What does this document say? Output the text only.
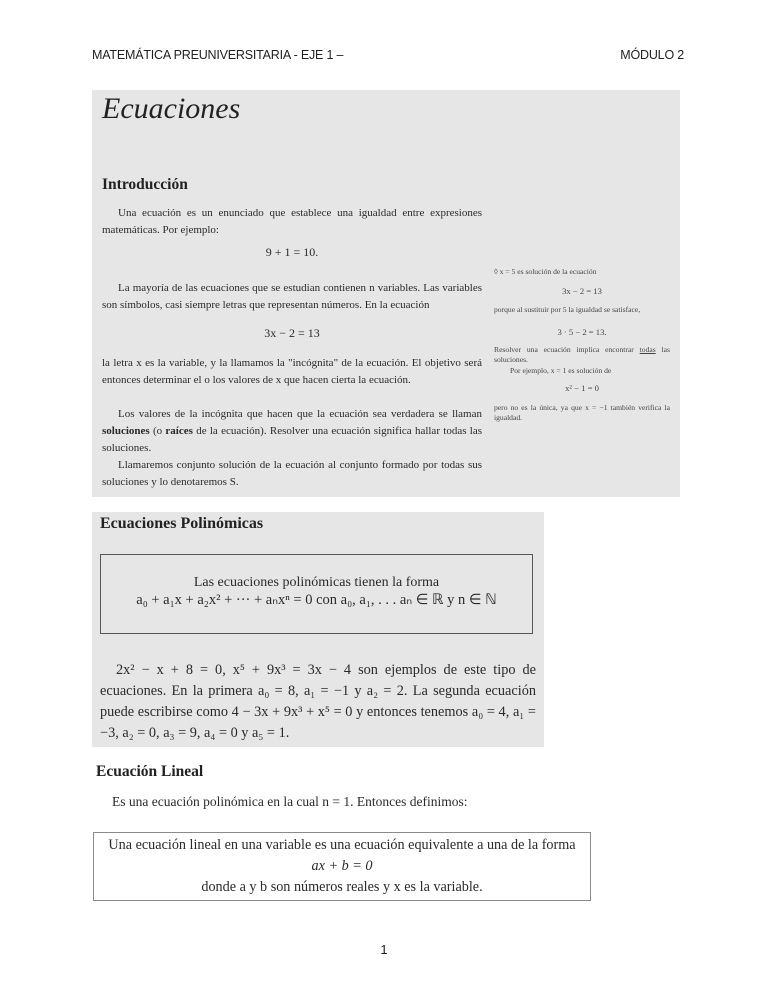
MATEMÁTICA PREUNIVERSITARIA - EJE 1 –	MÓDULO 2
Ecuaciones
Introducción
Una ecuación es un enunciado que establece una igualdad entre expresiones matemáticas. Por ejemplo:
9 + 1 = 10.
La mayoría de las ecuaciones que se estudian contienen n variables. Las variables son símbolos, casi siempre letras que representan números. En la ecuación
3x − 2 = 13
la letra x es la variable, y la llamamos la "incógnita" de la ecuación. El objetivo será entonces determinar el o los valores de x que hacen cierta la ecuación.
Los valores de la incógnita que hacen que la ecuación sea verdadera se llaman soluciones (o raíces de la ecuación). Resolver una ecuación significa hallar todas las soluciones.
Llamaremos conjunto solución de la ecuación al conjunto formado por todas sus soluciones y lo denotaremos S.
◊ x = 5 es solución de la ecuación
3x − 2 = 13
porque al sustituir por 5 la igualdad se satisface,
3 · 5 − 2 = 13.
Resolver una ecuación implica encontrar todas las soluciones.
Por ejemplo, x = 1 es solución de
x² − 1 = 0
pero no es la única, ya que x = −1 también verifica la igualdad.
Ecuaciones Polinómicas
Las ecuaciones polinómicas tienen la forma
a₀ + a₁x + a₂x² + ··· + aₙxⁿ = 0 con a₀, a₁, . . . aₙ ∈ ℝ y n ∈ ℕ
2x² − x + 8 = 0, x⁵ + 9x³ = 3x − 4 son ejemplos de este tipo de ecuaciones. En la primera a₀ = 8, a₁ = −1 y a₂ = 2. La segunda ecuación puede escribirse como 4 − 3x + 9x³ + x⁵ = 0 y entonces tenemos a₀ = 4, a₁ = −3, a₂ = 0, a₃ = 9, a₄ = 0 y a₅ = 1.
Ecuación Lineal
Es una ecuación polinómica en la cual n = 1. Entonces definimos:
Una ecuación lineal en una variable es una ecuación equivalente a una de la forma
ax + b = 0
donde a y b son números reales y x es la variable.
1
